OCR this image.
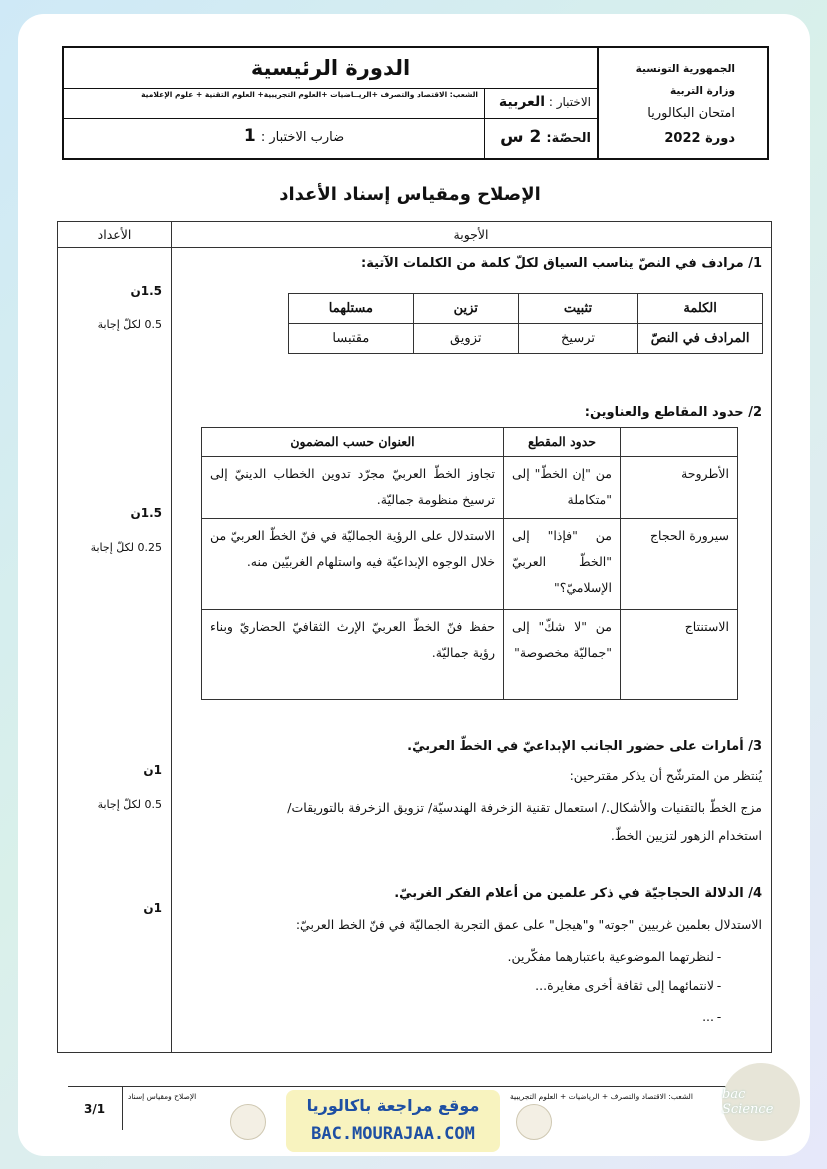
الدورة الرئيسية
الاختبار : العربية
الشعب: الاقتصاد والتصرف +الريــاضيات +العلوم التجريبية+ العلوم التقنية + علوم الإعلامية
الحصّة: 2 س
ضارب الاختبار : 1
الجمهورية التونسية
وزارة التربية
امتحان البكالوريا
دورة 2022
الإصلاح ومقياس إسناد الأعداد
الأعداد	الأجوبة
1/ مرادف في النصّ يناسب السياق لكلّ كلمة من الكلمات الآتية:
الكلمة	تثبيت	تزين	مستلهما
المرادف في النصّ	ترسيخ	تزويق	مقتبسا
1.5ن
0.5 لكلّ إجابة
2/ حدود المقاطع والعناوين:
	حدود المقطع	العنوان حسب المضمون
الأطروحة	من "إن الخطّ" إلى "متكاملة	تجاوز الخطّ العربيّ مجرّد تدوين الخطاب الدينيّ إلى ترسيخ منظومة جماليّة.
سيرورة الحجاج	من "فإذا" إلى "الخطّ العربيّ الإسلاميّ؟"	الاستدلال على الرؤية الجماليّة في فنّ الخطّ العربيّ من خلال الوجوه الإبداعيّة فيه واستلهام الغربيّين منه.
الاستنتاج	من "لا شكّ" إلى "جماليّة مخصوصة"	حفظ فنّ الخطّ العربيّ الإرث الثقافيّ الحضاريّ وبناء رؤية جماليّة.
1.5ن
0.25 لكلّ إجابة
3/ أمارات على حضور الجانب الإبداعيّ في الخطّ العربيّ.
يُنتظر من المترشّح أن يذكر مقترحين:
مزج الخطّ بالتقنيات والأشكال./ استعمال تقنية الزخرفة الهندسيّة/ تزويق الزخرفة بالتوريقات/
استخدام الزهور لتزيين الخطّ.
1ن
0.5 لكلّ إجابة
4/ الدلالة الحجاجيّة في ذكر علمين من أعلام الفكر الغربيّ.
الاستدلال بعلمين غربيين "جوته" و"هيجل" على عمق التجربة الجماليّة في فنّ الخط العربيّ:
-
لنظرتهما الموضوعية باعتبارهما مفكّرين.
-
لانتمائهما إلى ثقافة أخرى مغايرة...
-
...
1ن
3/1
الإصلاح ومقياس إسناد	الشعب: الاقتصاد والتصرف + الرياضيات + العلوم التجريبية
موقع مراجعة باكالوريا
BAC.MOURAJAA.COM
bac Science
